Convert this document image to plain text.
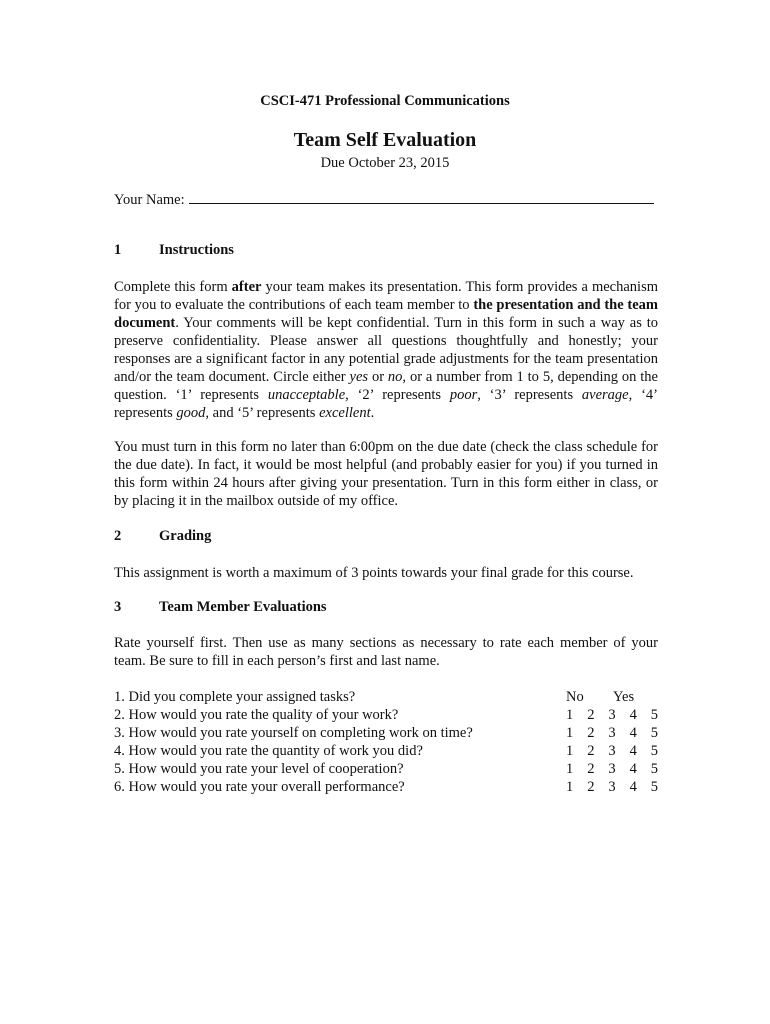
CSCI-471 Professional Communications
Team Self Evaluation
Due October 23, 2015
Your Name:
1	Instructions
Complete this form after your team makes its presentation. This form provides a mechanism for you to evaluate the contributions of each team member to the presentation and the team document. Your comments will be kept confidential. Turn in this form in such a way as to preserve confidentiality. Please answer all questions thoughtfully and honestly; your responses are a significant factor in any potential grade adjustments for the team presentation and/or the team document. Circle either yes or no, or a number from 1 to 5, depending on the question. ‘1’ represents unacceptable, ‘2’ represents poor, ‘3’ represents average, ‘4’ represents good, and ‘5’ represents excellent.
You must turn in this form no later than 6:00pm on the due date (check the class schedule for the due date). In fact, it would be most helpful (and probably easier for you) if you turned in this form within 24 hours after giving your presentation. Turn in this form either in class, or by placing it in the mailbox outside of my office.
2	Grading
This assignment is worth a maximum of 3 points towards your final grade for this course.
3	Team Member Evaluations
Rate yourself first. Then use as many sections as necessary to rate each member of your team. Be sure to fill in each person’s first and last name.
1. Did you complete your assigned tasks?	No	Yes
2. How would you rate the quality of your work?	1 2 3 4 5
3. How would you rate yourself on completing work on time?	1 2 3 4 5
4. How would you rate the quantity of work you did?	1 2 3 4 5
5. How would you rate your level of cooperation?	1 2 3 4 5
6. How would you rate your overall performance?	1 2 3 4 5
